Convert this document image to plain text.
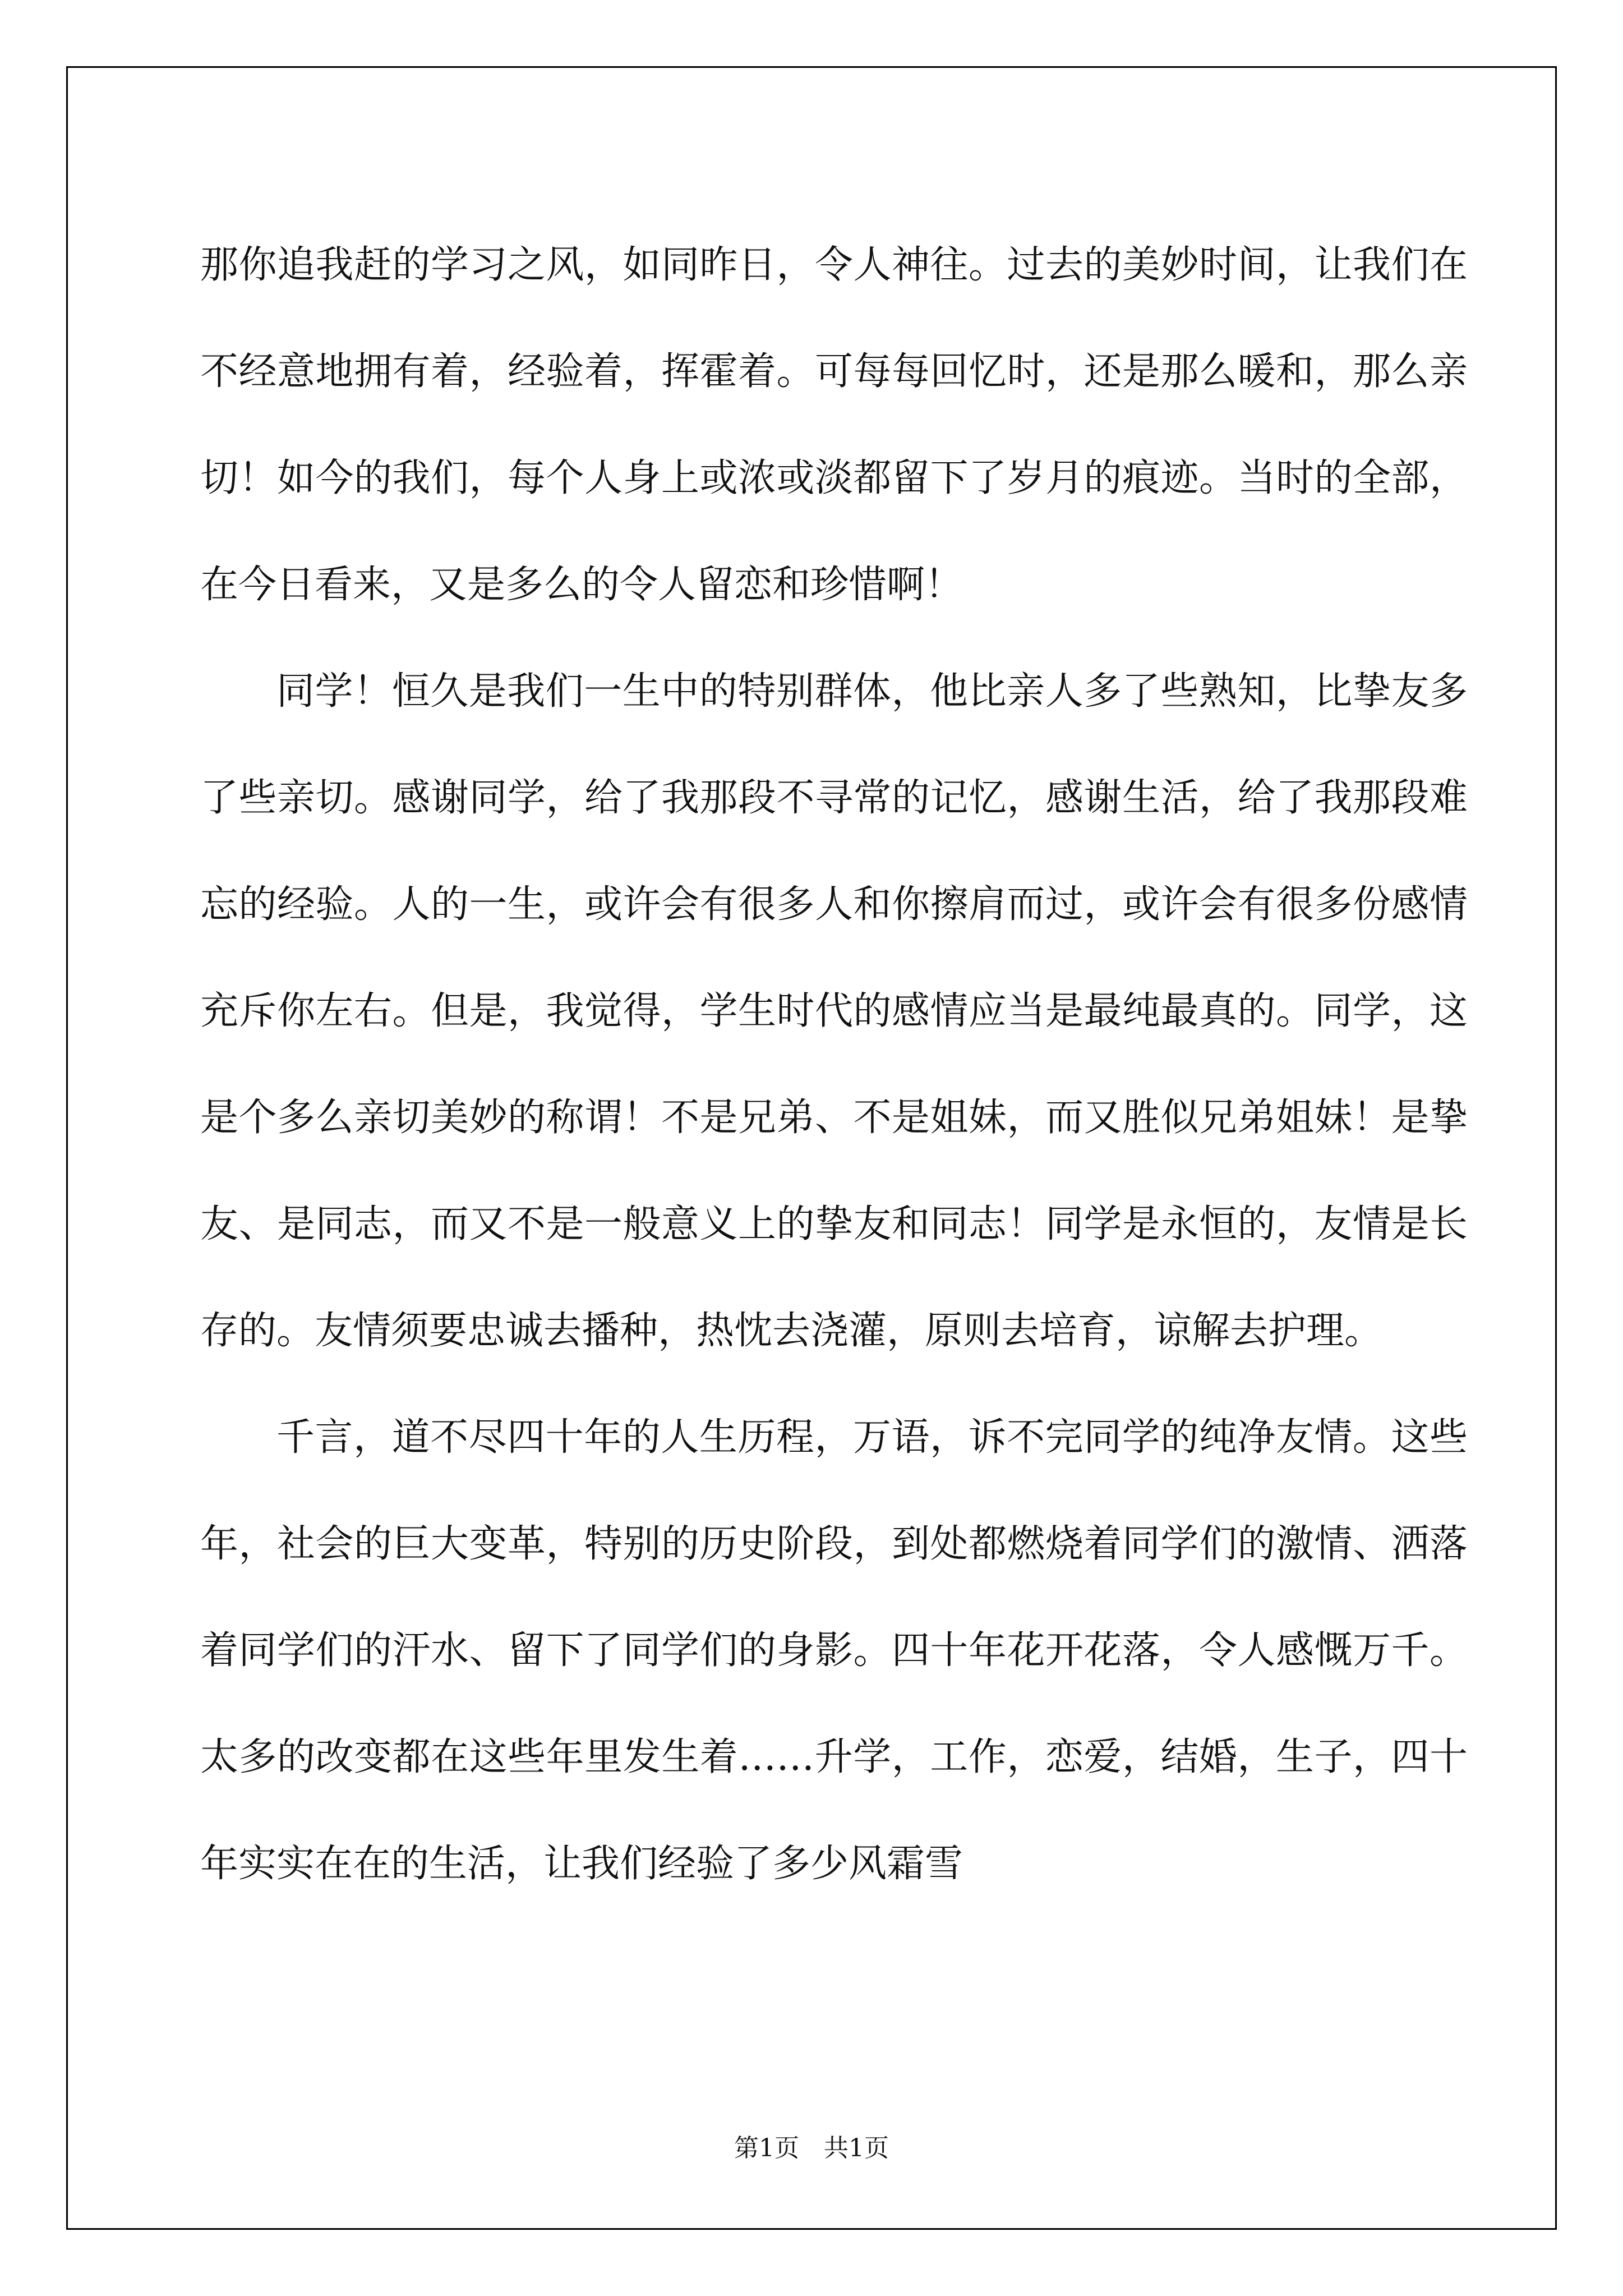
那你追我赶的学习之风，如同昨日，令人神往。过去的美妙时间，让我们在不经意地拥有着，经验着，挥霍着。可每每回忆时，还是那么暖和，那么亲切！如今的我们，每个人身上或浓或淡都留下了岁月的痕迹。当时的全部，在今日看来，又是多么的令人留恋和珍惜啊！

同学！恒久是我们一生中的特别群体，他比亲人多了些熟知，比挚友多了些亲切。感谢同学，给了我那段不寻常的记忆，感谢生活，给了我那段难忘的经验。人的一生，或许会有很多人和你擦肩而过，或许会有很多份感情充斥你左右。但是，我觉得，学生时代的感情应当是最纯最真的。同学，这是个多么亲切美妙的称谓！不是兄弟、不是姐妹，而又胜似兄弟姐妹！是挚友、是同志，而又不是一般意义上的挚友和同志！同学是永恒的，友情是长存的。友情须要忠诚去播种，热忱去浇灌，原则去培育，谅解去护理。

千言，道不尽四十年的人生历程，万语，诉不完同学的纯净友情。这些年，社会的巨大变革，特别的历史阶段，到处都燃烧着同学们的激情、洒落着同学们的汗水、留下了同学们的身影。四十年花开花落，令人感慨万千。太多的改变都在这些年里发生着……升学，工作，恋爱，结婚，生子，四十年实实在在的生活，让我们经验了多少风霜雪

第1页　共1页
